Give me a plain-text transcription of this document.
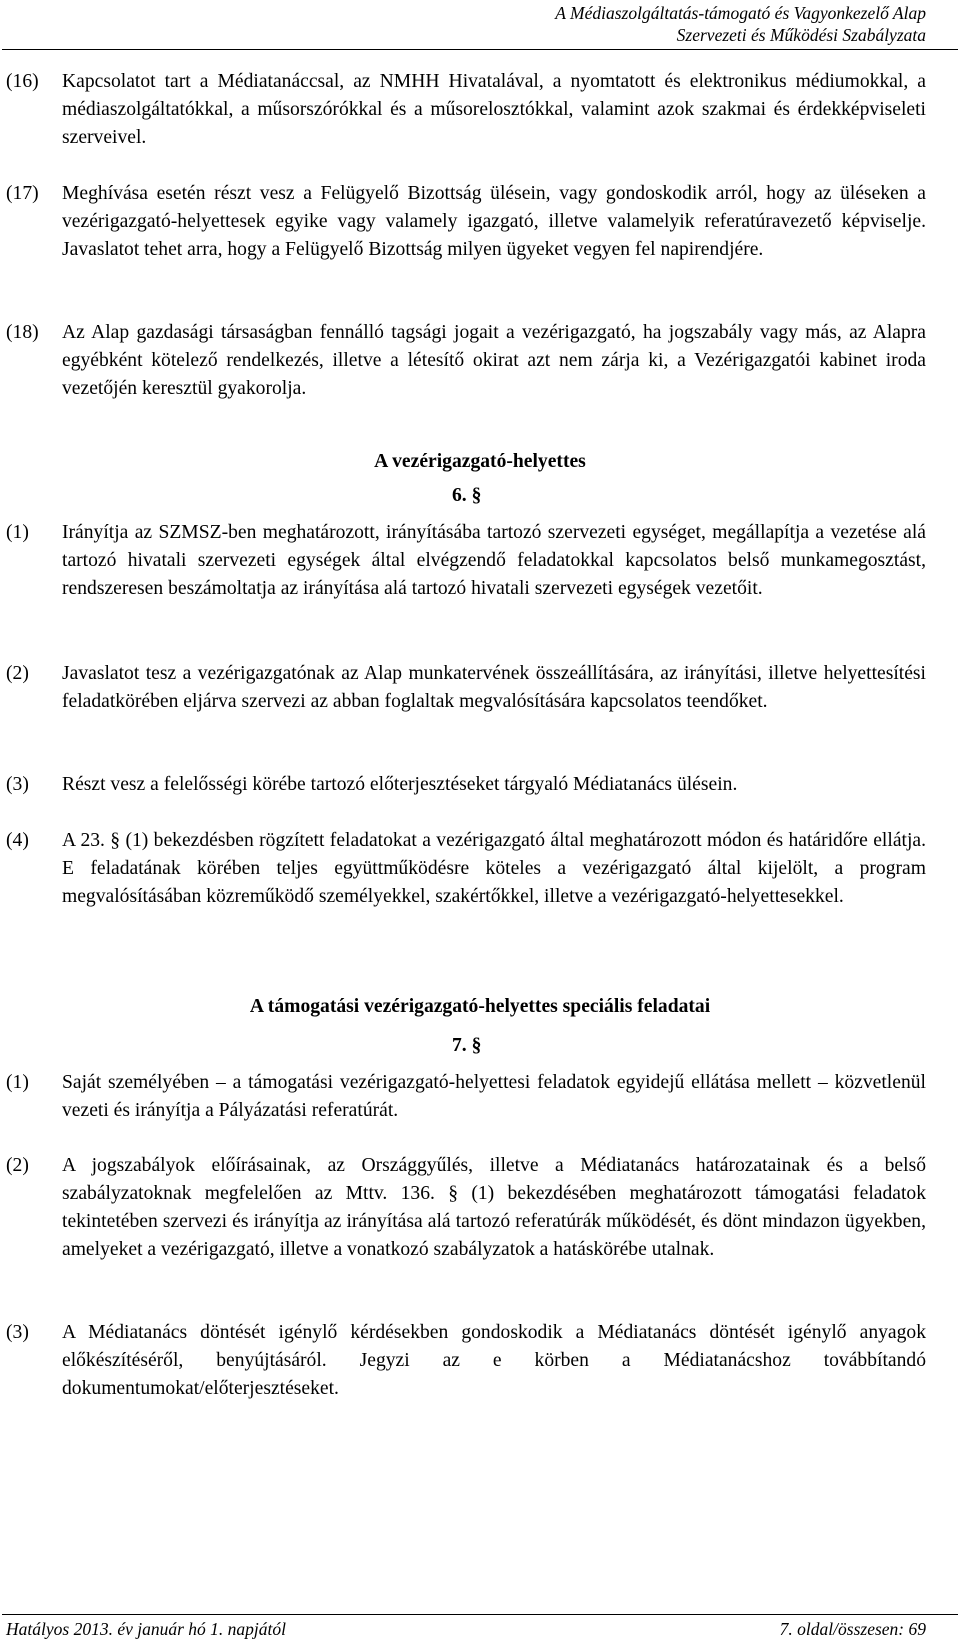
A Médiaszolgáltatás-támogató és Vagyonkezelő Alap
Szervezeti és Működési Szabályzata
(16) Kapcsolatot tart a Médiatanáccsal, az NMHH Hivatalával, a nyomtatott és elektronikus médiumokkal, a médiaszolgáltatókkal, a műsorszórókkal és a műsorelosztókkal, valamint azok szakmai és érdekképviseleti szerveivel.
(17) Meghívása esetén részt vesz a Felügyelő Bizottság ülésein, vagy gondoskodik arról, hogy az üléseken a vezérigazgató-helyettesek egyike vagy valamely igazgató, illetve valamelyik referatúravezető képviselje. Javaslatot tehet arra, hogy a Felügyelő Bizottság milyen ügyeket vegyen fel napirendjére.
(18) Az Alap gazdasági társaságban fennálló tagsági jogait a vezérigazgató, ha jogszabály vagy más, az Alapra egyébként kötelező rendelkezés, illetve a létesítő okirat azt nem zárja ki, a Vezérigazgatói kabinet iroda vezetőjén keresztül gyakorolja.
A vezérigazgató-helyettes
6. §
(1) Irányítja az SZMSZ-ben meghatározott, irányításába tartozó szervezeti egységet, megállapítja a vezetése alá tartozó hivatali szervezeti egységek által elvégzendő feladatokkal kapcsolatos belső munkamegosztást, rendszeresen beszámoltatja az irányítása alá tartozó hivatali szervezeti egységek vezetőit.
(2) Javaslatot tesz a vezérigazgatónak az Alap munkatervének összeállítására, az irányítási, illetve helyettesítési feladatkörében eljárva szervezi az abban foglaltak megvalósítására kapcsolatos teendőket.
(3) Részt vesz a felelősségi körébe tartozó előterjesztéseket tárgyaló Médiatanács ülésein.
(4) A 23. § (1) bekezdésben rögzített feladatokat a vezérigazgató által meghatározott módon és határidőre ellátja. E feladatának körében teljes együttműködésre köteles a vezérigazgató által kijelölt, a program megvalósításában közreműködő személyekkel, szakértőkkel, illetve a vezérigazgató-helyettesekkel.
A támogatási vezérigazgató-helyettes speciális feladatai
7. §
(1) Saját személyében – a támogatási vezérigazgató-helyettesi feladatok egyidejű ellátása mellett – közvetlenül vezeti és irányítja a Pályázatási referatúrát.
(2) A jogszabályok előírásainak, az Országgyűlés, illetve a Médiatanács határozatainak és a belső szabályzatoknak megfelelően az Mttv. 136. § (1) bekezdésében meghatározott támogatási feladatok tekintetében szervezi és irányítja az irányítása alá tartozó referatúrák működését, és dönt mindazon ügyekben, amelyeket a vezérigazgató, illetve a vonatkozó szabályzatok a hatáskörébe utalnak.
(3) A Médiatanács döntését igénylő kérdésekben gondoskodik a Médiatanács döntését igénylő anyagok előkészítéséről, benyújtásáról. Jegyzi az e körben a Médiatanácshoz továbbítandó dokumentumokat/előterjesztéseket.
Hatályos 2013. év január hó 1. napjától	7. oldal/összesen: 69
